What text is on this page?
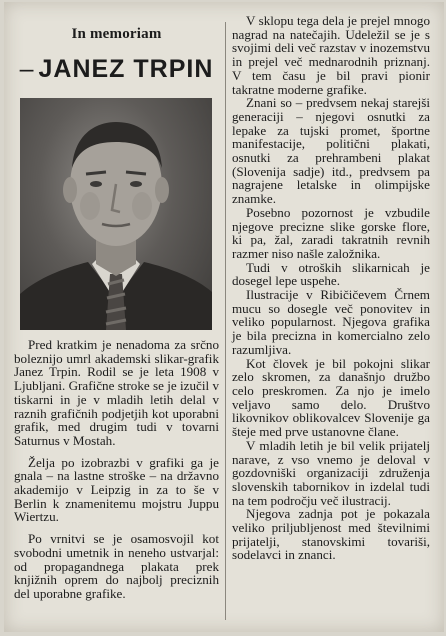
In memoriam
– JANEZ TRPIN

Pred kratkim je nenadoma za srčno boleznijo umrl akademski slikar-grafik Janez Trpin. Rodil se je leta 1908 v Ljubljani. Grafične stroke se je izučil v tiskarni in je v mladih letih delal v raznih grafičnih podjetjih kot uporabni grafik, med drugim tudi v tovarni Saturnus v Mostah.

Želja po izobrazbi v grafiki ga je gnala – na lastne stroške – na državno akademijo v Leipzig in za to še v Berlin k znamenitemu mojstru Juppu Wiertzu.

Po vrnitvi se je osamosvojil kot svobodni umetnik in neneho ustvarjal: od propagandnega plakata prek knjižnih oprem do najbolj preciznih del uporabne grafike.

V sklopu tega dela je prejel mnogo nagrad na natečajih. Udeležil se je s svojimi deli več razstav v inozemstvu in prejel več mednarodnih priznanj. V tem času je bil pravi pionir takratne moderne grafike.

Znani so – predvsem nekaj starejši generaciji – njegovi osnutki za lepake za tujski promet, športne manifestacije, politični plakati, osnutki za prehrambeni plakat (Slovenija sadje) itd., predvsem pa nagrajene letalske in olimpijske znamke.

Posebno pozornost je vzbudile njegove precizne slike gorske flore, ki pa, žal, zaradi takratnih revnih razmer niso našle založnika.

Tudi v otroških slikarnicah je dosegel lepe uspehe.

Ilustracije v Ribičičevem Črnem mucu so dosegle več ponovitev in veliko popularnost. Njegova grafika je bila precizna in komercialno zelo razumljiva.

Kot človek je bil pokojni slikar zelo skromen, za današnjo družbo celo preskromen. Za njo je imelo veljavo samo delo. Društvo likovnikov oblikovalcev Slovenije ga šteje med prve ustanovne člane.

V mladih letih je bil velik prijatelj narave, z vso vnemo je deloval v gozdovniški organizaciji združenja slovenskih tabornikov in izdelal tudi na tem področju več ilustracij.

Njegova zadnja pot je pokazala veliko priljubljenost med številnimi prijatelji, stanovskimi tovariši, sodelavci in znanci.
